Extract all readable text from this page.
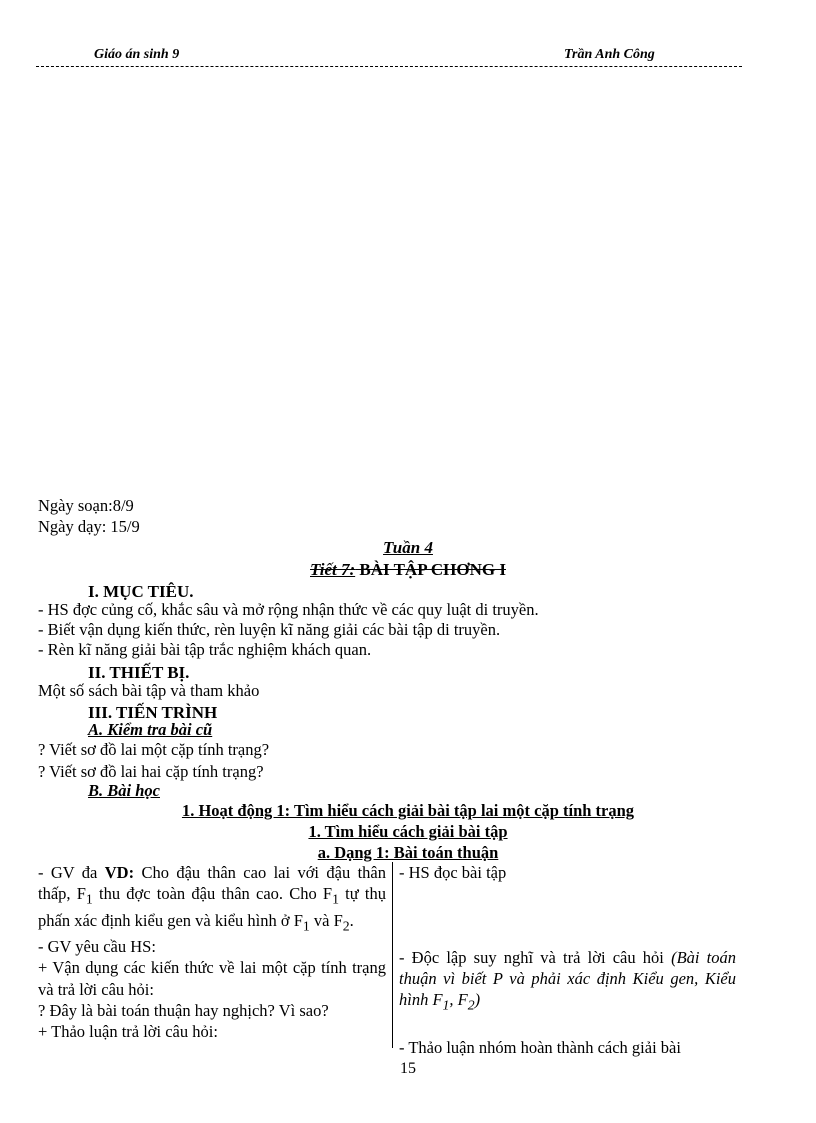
Giáo án sinh 9	Trần Anh Công
Ngày soạn:8/9
Ngày dạy: 15/9
Tuần 4
Tiết 7: BÀI TẬP CHƠNG I
I. MỤC TIÊU.
- HS đợc củng cố, khắc sâu và mở rộng nhận thức về các quy luật di truyền.
- Biết vận dụng kiến thức, rèn luyện kĩ năng giải các bài tập di truyền.
- Rèn kĩ năng giải bài tập trắc nghiệm khách quan.
II. THIẾT BỊ.
Một số sách bài tập và tham khảo
III. TIẾN TRÌNH
A. Kiểm tra bài cũ
? Viết sơ đồ lai một cặp tính trạng?
? Viết sơ đồ lai hai cặp tính trạng?
B. Bài học
1. Hoạt động 1: Tìm hiểu cách giải bài tập lai một cặp tính trạng
1. Tìm hiểu cách giải bài tập
a. Dạng 1: Bài toán thuận

- GV đa VD: Cho đậu thân cao lai với đậu thân thấp, $F_1$ thu đợc toàn đậu thân cao. Cho $F_1$ tự thụ phấn xác định kiểu gen và kiểu hình ở $F_1$ và $F_2$.

- GV yêu cầu HS:

+ Vận dụng các kiến thức về lai một cặp tính trạng và trả lời câu hỏi:

? Đây là bài toán thuận hay nghịch? Vì sao?

+ Thảo luận trả lời câu hỏi:

- HS đọc bài tập

- Độc lập suy nghĩ và trả lời câu hỏi (Bài toán thuận vì biết P và phải xác định Kiểu gen, Kiểu hình $F_1$, $F_2$)

- Thảo luận nhóm hoàn thành cách giải bài

15
